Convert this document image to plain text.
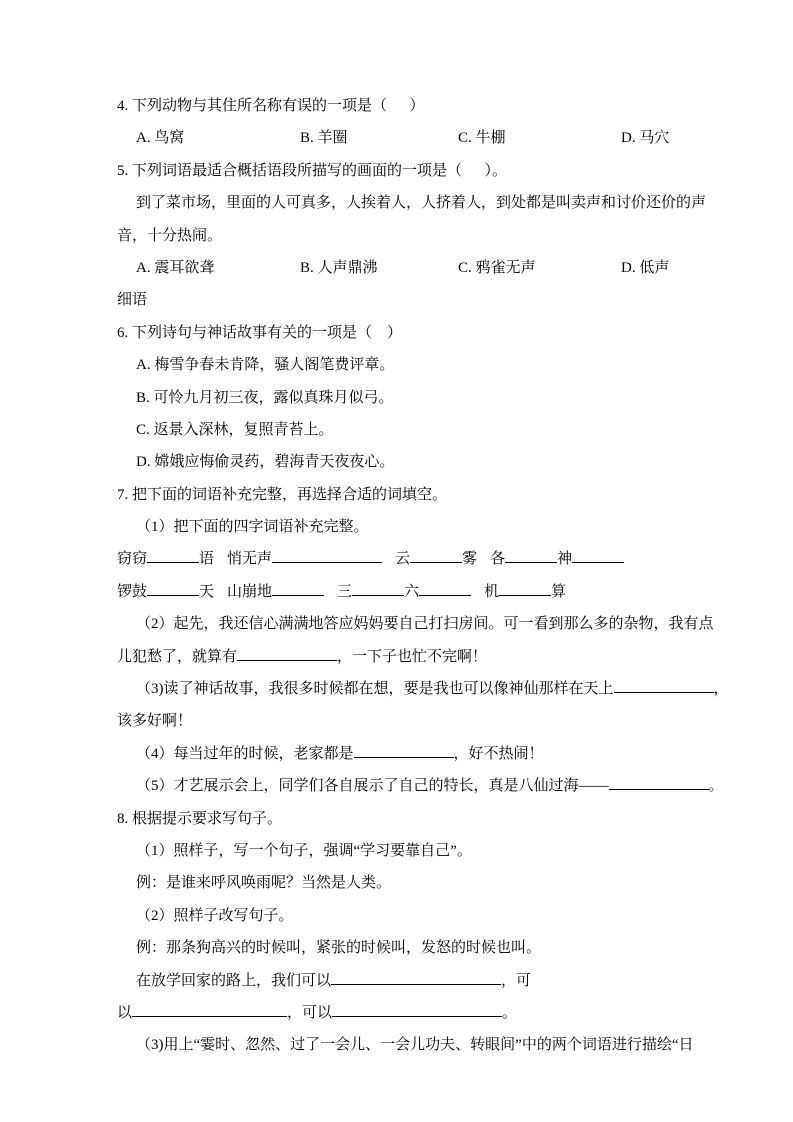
4. 下列动物与其住所名称有误的一项是（      ）

A. 鸟窝	B. 羊圈	C. 牛棚	D. 马穴

5. 下列词语最适合概括语段所描写的画面的一项是（      ）。

到了菜市场，里面的人可真多，人挨着人，人挤着人，到处都是叫卖声和讨价还价的声

音，十分热闹。

A. 震耳欲聋	B. 人声鼎沸	C. 鸦雀无声	D. 低声

细语

6. 下列诗句与神话故事有关的一项是（    ）

A. 梅雪争春未肯降，骚人阁笔费评章。

B. 可怜九月初三夜，露似真珠月似弓。

C. 返景入深林，复照青苔上。

D. 嫦娥应悔偷灵药，碧海青天夜夜心。

7. 把下面的词语补充完整，再选择合适的词填空。

（1）把下面的四字词语补充完整。

窃窃	语 悄无声	云	雾 各	神

锣鼓	天 山崩地	三	六	机	算

（2）起先，我还信心满满地答应妈妈要自己打扫房间。可一看到那么多的杂物，我有点

儿犯愁了，就算有	，一下子也忙不完啊！

（3)读了神话故事，我很多时候都在想，要是我也可以像神仙那样在天上	，

该多好啊！

（4）每当过年的时候，老家都是	，好不热闹！

（5）才艺展示会上，同学们各自展示了自己的特长，真是八仙过海——	。

8. 根据提示要求写句子。

（1）照样子，写一个句子，强调“学习要靠自己”。

例：是谁来呼风唤雨呢？当然是人类。

（2）照样子改写句子。

例：那条狗高兴的时候叫，紧张的时候叫，发怒的时候也叫。

在放学回家的路上，我们可以	，可

以	，可以	。

（3)用上“霎时、忽然、过了一会儿、一会儿功夫、转眼间”中的两个词语进行描绘“日
